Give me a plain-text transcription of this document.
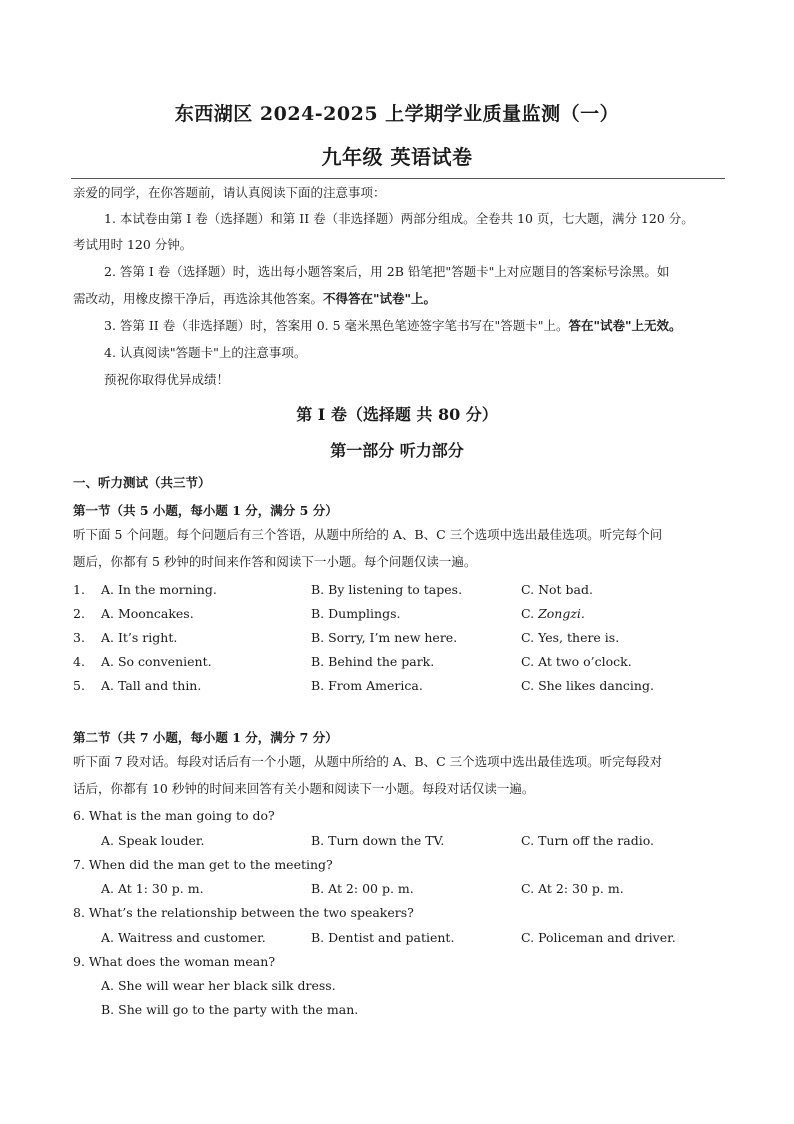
东西湖区 2024-2025 上学期学业质量监测（一）
九年级 英语试卷
亲爱的同学，在你答题前，请认真阅读下面的注意事项：
1. 本试卷由第 I 卷（选择题）和第 II 卷（非选择题）两部分组成。全卷共 10 页，七大题，满分 120 分。
考试用时 120 分钟。
2. 答第 I 卷（选择题）时，选出每小题答案后，用 2B 铅笔把"答题卡"上对应题目的答案标号涂黑。如
需改动，用橡皮擦干净后，再选涂其他答案。不得答在"试卷"上。
3. 答第 II 卷（非选择题）时，答案用 0. 5 毫米黑色笔迹签字笔书写在"答题卡"上。答在"试卷"上无效。
4. 认真阅读"答题卡"上的注意事项。
预祝你取得优异成绩！
第 I 卷（选择题 共 80 分）
第一部分 听力部分
一、听力测试（共三节）
第一节（共 5 小题，每小题 1 分，满分 5 分）
听下面 5 个问题。每个问题后有三个答语，从题中所给的 A、B、C 三个选项中选出最佳选项。听完每个问
题后，你都有 5 秒钟的时间来作答和阅读下一小题。每个问题仅读一遍。
1. A. In the morning.	B. By listening to tapes.	C. Not bad.
2. A. Mooncakes.	B. Dumplings.	C. Zongzi.
3. A. It’s right.	B. Sorry, I’m new here.	C. Yes, there is.
4. A. So convenient.	B. Behind the park.	C. At two o’clock.
5. A. Tall and thin.	B. From America.	C. She likes dancing.
第二节（共 7 小题，每小题 1 分，满分 7 分）
听下面 7 段对话。每段对话后有一个小题，从题中所给的 A、B、C 三个选项中选出最佳选项。听完每段对
话后，你都有 10 秒钟的时间来回答有关小题和阅读下一小题。每段对话仅读一遍。
6. What is the man going to do?
A. Speak louder.	B. Turn down the TV.	C. Turn off the radio.
7. When did the man get to the meeting?
A. At 1: 30 p. m.	B. At 2: 00 p. m.	C. At 2: 30 p. m.
8. What’s the relationship between the two speakers?
A. Waitress and customer.	B. Dentist and patient.	C. Policeman and driver.
9. What does the woman mean?
A. She will wear her black silk dress.
B. She will go to the party with the man.
